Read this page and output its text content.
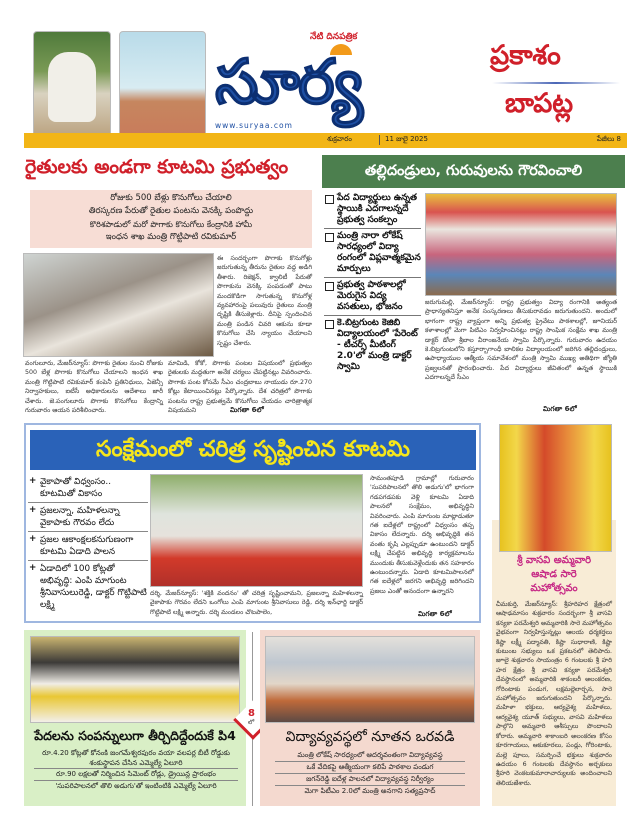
నేటి దినపత్రిక
సూర్య
www.suryaa.com
ప్రకాశం
బాపట్ల
శుక్రవారం	11 జులై 2025	పేజీలు 8
రైతులకు అండగా కూటమి ప్రభుత్వం
రోజుకు 500 బేళ్లు కొనుగోలు చేయాలి
తిరస్కరణ పేరుతో రైతుల పంటను వెనక్కి పంపొద్దు
కొరిశపాడులో మరో పొగాకు కొనుగోలు కేంద్రానికి హామీ
ఇంధన శాఖ మంత్రి గొట్టిపాటి రవికుమార్
ఈ సందర్భంగా పొగాకు కొనుగోళ్లు జరుగుతున్న తీరును రైతుల వద్ద అడిగి తీశారు. రిజెక్షన్, క్వాలిటీ పేరుతో పొగాకును వెనక్కి పంపడంతో పాటు మందకొడిగా సాగుతున్న కొనుగోళ్ల వ్యవహారంపై పలువురు రైతులు మంత్రి దృష్టికి తీసుకెళ్లారు. దీనిపై స్పందించిన మంత్రి పండిన చివరి ఆకును కూడా కొనుగోలు చేసి న్యాయం చేయాలని స్పష్టం చేశారు.
వంగులూరు, మేజర్‌న్యూస్: పొగాకు రైతుల నుంచి రోజుకు 500 బేళ్ల పొగాకు కొనుగోలు చేయాలని ఇంధన శాఖ మంత్రి గొట్టిపాటి రవికుమార్ కంపెనీ ప్రతినిధులు, ఏజెన్సీ నిర్వాహకులు, ఐటీసీ అధికారులను ఆదేశాలు జారీ చేశారు. జె.పంగులూరు పొగాకు కొనుగోలు కేంద్రాన్ని గురువారం ఆయన పరిశీలించారు.
మామిడి, కోకో, పొగాకు పంటల విషయంలో ప్రభుత్వం రైతులకు మద్దతుగా అనేక చర్యలు చేపట్టినట్లు వివరించారు. పొగాకు పంట కోసమే సీఎం చంద్రబాబు నాయుడు రూ.270 కోట్లు కేటాయించినట్లు పేర్కొన్నారు. దేశ చరిత్రలో పొగాకు పంటను రాష్ట్ర ప్రభుత్వమే కొనుగోలు చేయడం చారిత్రాత్మక విషయమని	మిగతా 6లో
తల్లిదండ్రులు, గురువులను గౌరవించాలి
పేద విద్యార్థులు ఉన్నత స్థాయికి ఎదగాలన్నదే ప్రభుత్వ సంకల్పం
మంత్రి నారా లోకేష్ సారధ్యంలో విద్యా రంగంలో విప్లవాత్మకమైన మార్పులు
ప్రభుత్వ పాఠశాలల్లో మెరుగైన విద్య వసతులు, భోజనం
కె.బిట్రగుంట కెజిబి విద్యాలయంలో 'పేరెంట్ - టీచర్స్ మీటింగ్ 2.0'లో మంత్రి డాక్టర్ స్వామి
జరుగుమల్లి, మేజర్‌న్యూస్: రాష్ట్ర ప్రభుత్వం విద్యా రంగానికి అత్యంత ప్రాధాన్యతనిస్తూ అనేక సంస్కరణలు తీసుకురావడం జరుగుతుందని. అందులో భాగంగా రాష్ట్ర వ్యాప్తంగా అన్ని ప్రభుత్వ ప్రైవేటు పాఠశాలల్లో, జూనియర్ కళాశాలల్లో మెగా పిటిఎం నిర్వహించినట్లు రాష్ట్ర సాంఘిక సంక్షేమ శాఖ మంత్రి డాక్టర్ డోలా శ్రీబాల వీరాంజనేయ స్వామి పేర్కొన్నారు. గురువారం ఉదయం కె.బిట్రగుంటలోని కస్తూర్బాగాంధీ బాలికల విద్యాలయంలో జరిగిన తల్లిదండ్రులు, ఉపాధ్యాయుల ఆత్మీయ సమావేశంలో మంత్రి స్వామి ముఖ్య అతిథిగా జ్యోతి ప్రజ్వలనతో ప్రారంభించారు. పేద విద్యార్థులు జీవితంలో ఉన్నత స్థాయికి ఎదగాలన్నదే సీఎం
మిగతా 6లో
సంక్షేమంలో చరిత్ర సృష్టించిన కూటమి
+ వైకాపాతో విధ్వంసం.. కూటమితో వికాసం
+ ప్రజలన్నా, మహిళలన్నా వైకాపాకు గౌరవం లేదు
+ ప్రజల ఆకాంక్షలకనుగుణంగా కూటమి ఏడాది పాలన
+ ఏడాదిలో 100 కోట్లతో అభివృద్ధి: ఎంపి మాగుంట శ్రీనివాసులురెడ్డి, డాక్టర్ గొట్టిపాటి లక్ష్మి
దర్శి, మేజర్‌న్యూస్: 'శక్తికి వందనం' తో చరిత్ర సృష్టించామని, ప్రజలన్నా మహిళలన్నా వైకాపాకు గౌరవం లేదని ఒంగోలు ఎంపి మాగుంట శ్రీనివాసులు రెడ్డి, దర్శి ఇన్‌ఛార్జి డాక్టర్ గొట్టిపాటి లక్ష్మి అన్నారు. దర్శి మండలం చొటపాలెం,
సామంతపూడి గ్రామాల్లో గురువారం 'సుపరిపాలనలో తొలి అడుగు'లో భాగంగా గడపగడపకు వెళ్లి కూటమి ఏడాది పాలనలో సంక్షేమం, అభివృద్ధిని వివరించారు. ఎంపి మాగుంట మాట్లాడుతూ గత ఐదేళ్లలో రాష్ట్రంలో విధ్వంసం తప్ప వికాసం లేదన్నారు. దర్శి అభివృద్ధికి తన వంతు కృషి ఎల్లప్పుడూ ఉంటుందని డాక్టర్ లక్ష్మి చేపట్టిన అభివృద్ధి కార్యక్రమాలను ముందుకు తీసుకువెళ్లేందుకు తన సహకారం ఉంటుందన్నారు. ఏడాది కూటమిపాలనలో గత ఐదేళ్లలో జరగని అభివృద్ధి జరిగిందని ప్రజలు ఎంతో ఆనందంగా ఉన్నారని
మిగతా 6లో
శ్రీ వాసవి అమ్మవారి
ఆషాడ సారె
మహోత్సవం
చీమకుర్తి, మేజర్‌న్యూస్: శ్రీహరిహర క్షేత్రంలో ఆషాఢమాసం శుక్రవారం సందర్భంగా శ్రీ వాసవి కన్యకా పరమేశ్వరి అమ్మవారికి సారె మహోత్సవం వైభవంగా నిర్వహిస్తున్నట్లు ఆలయ ధర్మకర్తలు కిష్టా లక్ష్మీ పద్మావతి, కిష్టా సుధారాణి, కిష్టా కుటుంబ సభ్యులు ఒక ప్రకటనలో తెలిపారు. జూలై శుక్రవారం సాయంత్రం 6 గంటలకు శ్రీ హరి హర క్షేత్రం శ్రీ వాసవి కన్యకా పరమేశ్వరి దేవస్థానంలో అమ్మవారికి శాకంబరీ అలంకరణ, గోరింటాకు పండుగ, లక్షమల్లెలార్చన, సారె మహోత్సవం జరుగుతుందని పేర్కొన్నారు. మహిళా భక్తులు, ఆర్యవైశ్య మహిళలు, ఆర్యవైశ్య యూత్ సభ్యులు, వాసవి మహిళలు పాల్గొని అమ్మవారి ఆశీస్సులు పొందాలని కోరారు. అమ్మవారి శాకాంబరి అలంకరణ కోసం కూరగాయలు, ఆకుకూరలు, పండ్లు, గోరింటాకు, మల్లె పూలు, సమర్పించే భక్తులు శుక్రవారం ఉదయం 6 గంటలకు దేవస్థానం అర్చకులు శ్రీహరి వెంకటకుమారాచార్యులకు అందించాలని తెలియజేశారు.
పేదలను సంపన్నులుగా తీర్చిదిద్దేందుకే పి4
రూ.4.20 కోట్లతో కోనంకి జంగమేశ్వరపురం వయా వలపర్ల బీటీ రోడ్డుకు శంకుస్థాపన చేసిన ఎమ్మెల్యే ఏలూరి
రూ.90 లక్షలతో నిర్మించిన సిమెంట్ రోడ్లు, డ్రైయిన్ల ప్రారంభం
'సుపరిపాలనలో తొలి అడుగు'తో ఇంటింటికి ఎమ్మెల్యే ఏలూరి
8
లో
విద్యావ్యవస్థలో నూతన ఒరవడి
మంత్రి లోకేష్ సారధ్యంలో ఆదర్శవంతంగా విద్యావ్యవస్థ
ఒకే వేదికపై ఆత్మీయంగా కలిపే పాఠశాల పండుగ
జగన్‌రెడ్డి ఐదేళ్ల పాలనలో విద్యావ్యవస్థ నిర్వీర్యం
మెగా పిటీఎం 2.0లో మంత్రి అనగాని సత్యప్రసాద్
